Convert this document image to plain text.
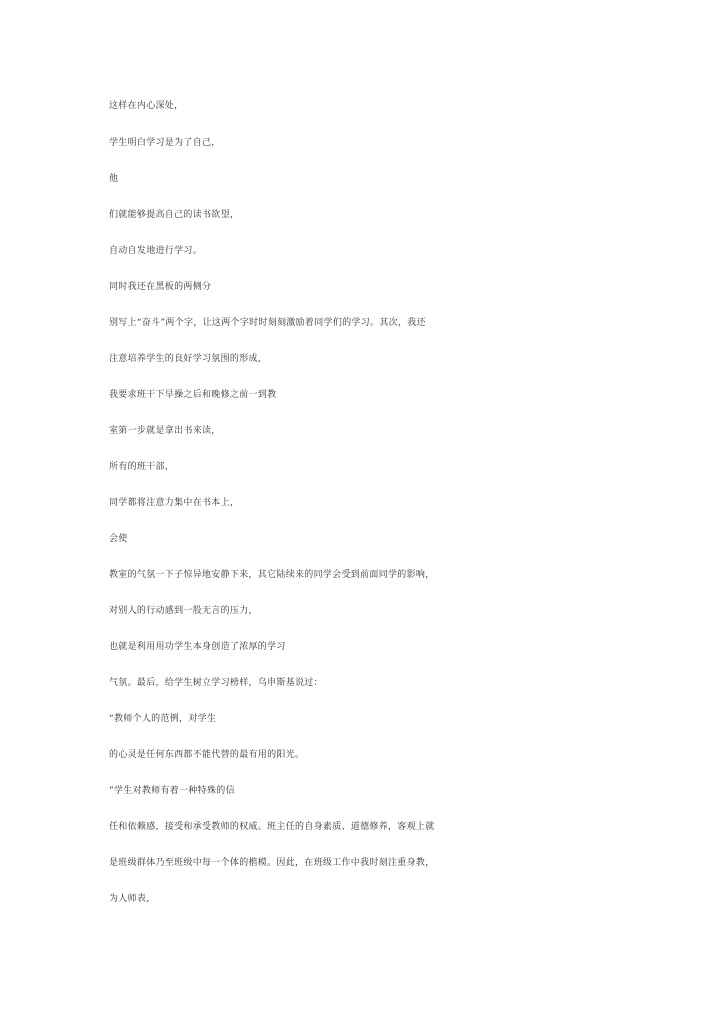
这样在内心深处，

学生明白学习是为了自己，

他

们就能够提高自己的读书欲望，

自动自发地进行学习。

同时我还在黑板的两侧分

别写上“奋斗”两个字，让这两个字时时刻刻激励着同学们的学习。其次，我还

注意培养学生的良好学习氛围的形成，

我要求班干下早操之后和晚修之前一到教

室第一步就是拿出书来读，

所有的班干部，

同学都将注意力集中在书本上，

会使

教室的气氛一下子惊异地安静下来，其它陆续来的同学会受到前面同学的影响，

对别人的行动感到一股无言的压力，

也就是利用用功学生本身创造了浓厚的学习

气氛。最后，给学生树立学习榜样，乌申斯基说过：

“教师个人的范例，对学生

的心灵是任何东西都不能代替的最有用的阳光。

”学生对教师有着一种特殊的信

任和依赖感，接受和承受教师的权威。班主任的自身素质、道德修养，客观上就

是班级群体乃至班级中每一个体的楷模。因此，在班级工作中我时刻注重身教，

为人师表，
